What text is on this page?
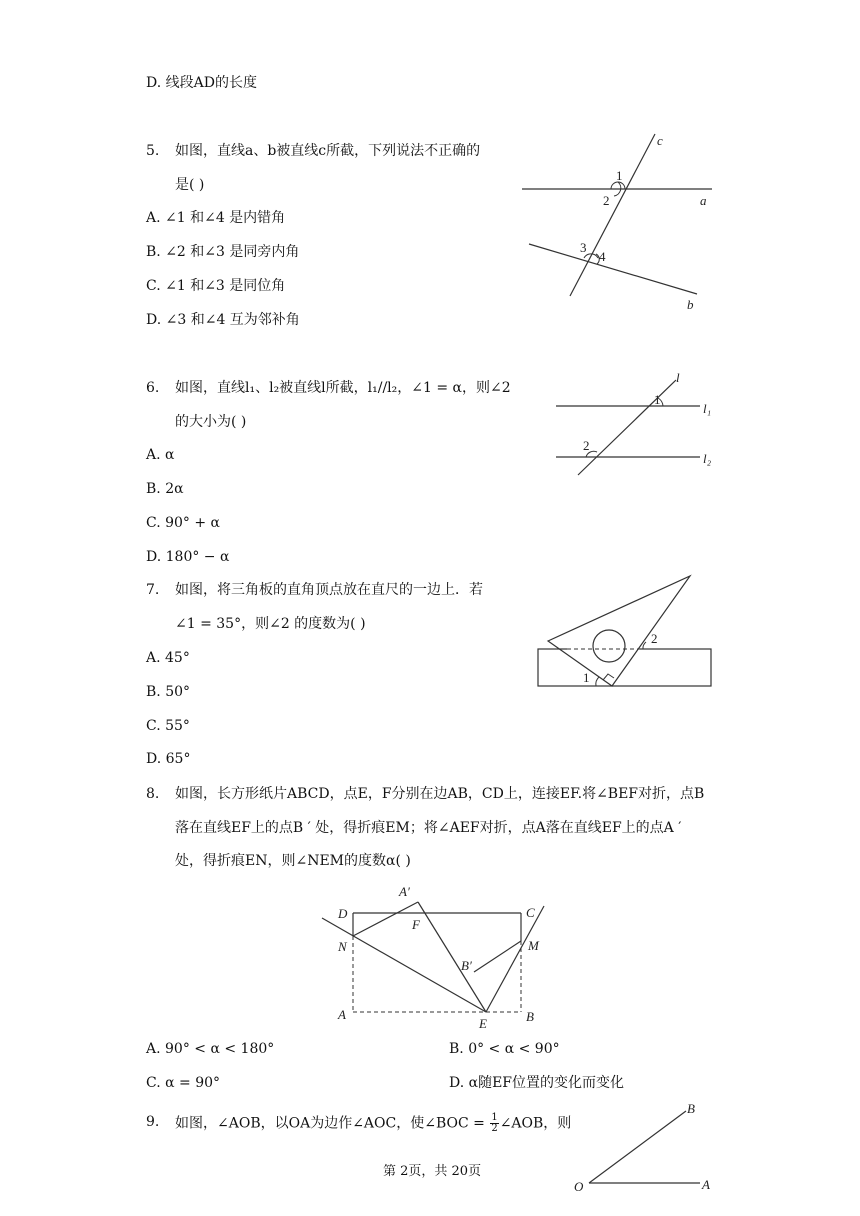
D. 线段AD的长度
5. 如图，直线a、b被直线c所截，下列说法不正确的
是( )
A. ∠1 和∠4 是内错角
B. ∠2 和∠3 是同旁内角
C. ∠1 和∠3 是同位角
D. ∠3 和∠4 互为邻补角
c
a
b
1
2
3
4
6. 如图，直线l₁、l₂被直线l所截，l₁//l₂，∠1 = α，则∠2
的大小为( )
A. α
B. 2α
C. 90° + α
D. 180° − α
l
l₁
l₂
1
2
7. 如图，将三角板的直角顶点放在直尺的一边上．若
∠1 = 35°，则∠2 的度数为( )
A. 45°
B. 50°
C. 55°
D. 65°
1
2
8. 如图，长方形纸片ABCD，点E，F分别在边AB，CD上，连接EF.将∠BEF对折，点B
落在直线EF上的点B ′ 处，得折痕EM；将∠AEF对折，点A落在直线EF上的点A ′
处，得折痕EN，则∠NEM的度数α( )
D	C
N	M
A′
F
B′
A
E	B
A. 90° < α < 180°	B. 0° < α < 90°
C. α = 90°	D. α随EF位置的变化而变化
9. 如图，∠AOB，以OA为边作∠AOC，使∠BOC = $\frac{1}{2}$ ∠AOB，则
O	A
B
第 2页，共 20页
